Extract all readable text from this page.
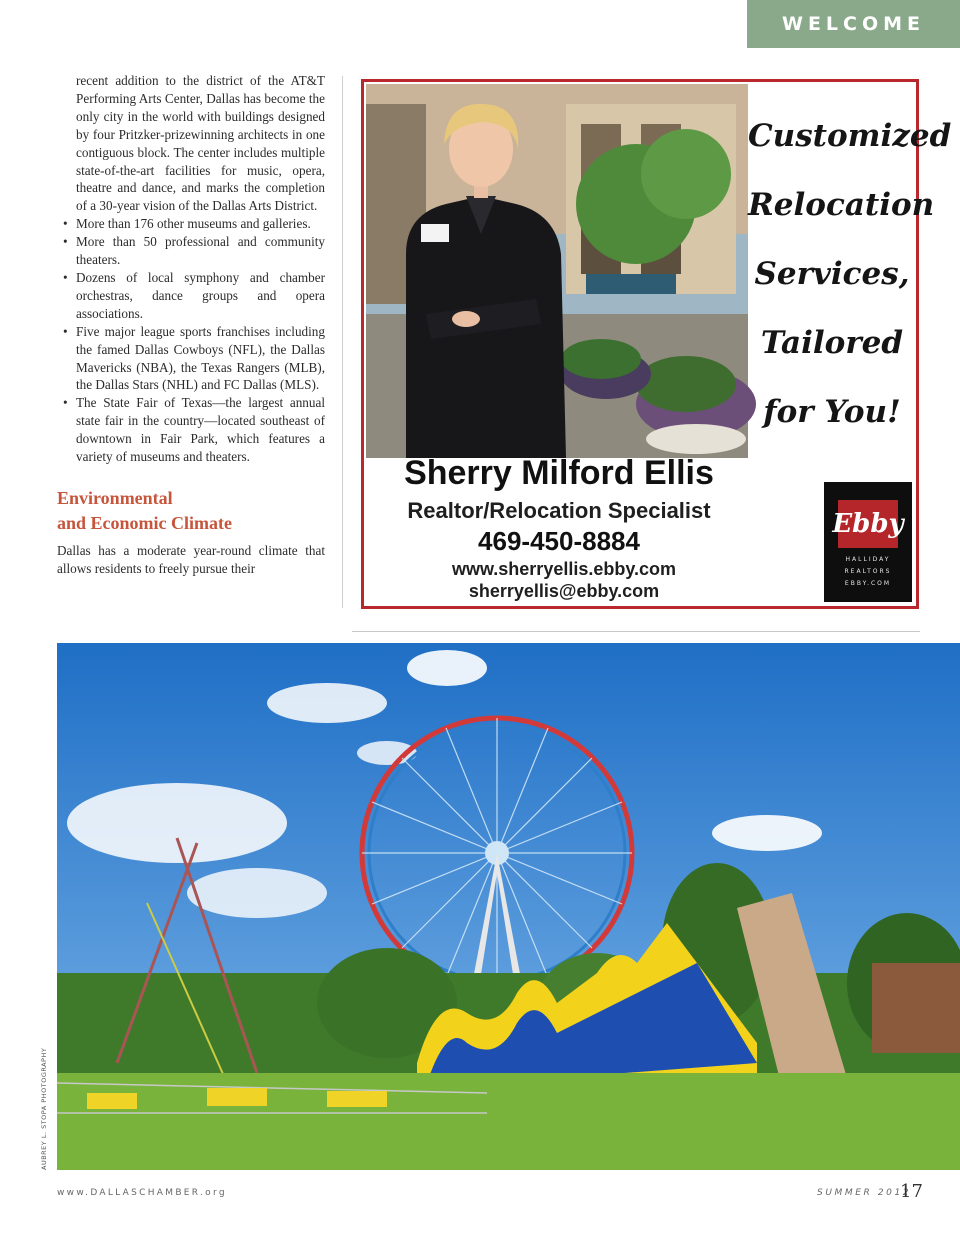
WELCOME

recent addition to the district of the AT&T Performing Arts Center, Dallas has become the only city in the world with buildings designed by four Pritzker-prizewinning architects in one contiguous block. The center includes multiple state-of-the-art facilities for music, opera, theatre and dance, and marks the completion of a 30-year vision of the Dallas Arts District.

• More than 176 other museums and galleries.
• More than 50 professional and community theaters.
• Dozens of local symphony and chamber orchestras, dance groups and opera associations.
• Five major league sports franchises including the famed Dallas Cowboys (NFL), the Dallas Mavericks (NBA), the Texas Rangers (MLB), the Dallas Stars (NHL) and FC Dallas (MLS).
• The State Fair of Texas—the largest annual state fair in the country—located southeast of downtown in Fair Park, which features a variety of museums and theaters.
Environmental
and Economic Climate

Dallas has a moderate year-round climate that allows residents to freely pursue their

Customized
Relocation
Services,
Tailored
for You!
Sherry Milford Ellis
Realtor/Relocation Specialist
469-450-8884
www.sherryellis.ebby.com
sherryellis@ebby.com
Ebby
HALLIDAY
REALTORS
EBBY.COM
AUBREY L. STOPA PHOTOGRAPHY
www.DALLASCHAMBER.org	SUMMER 2012
17
